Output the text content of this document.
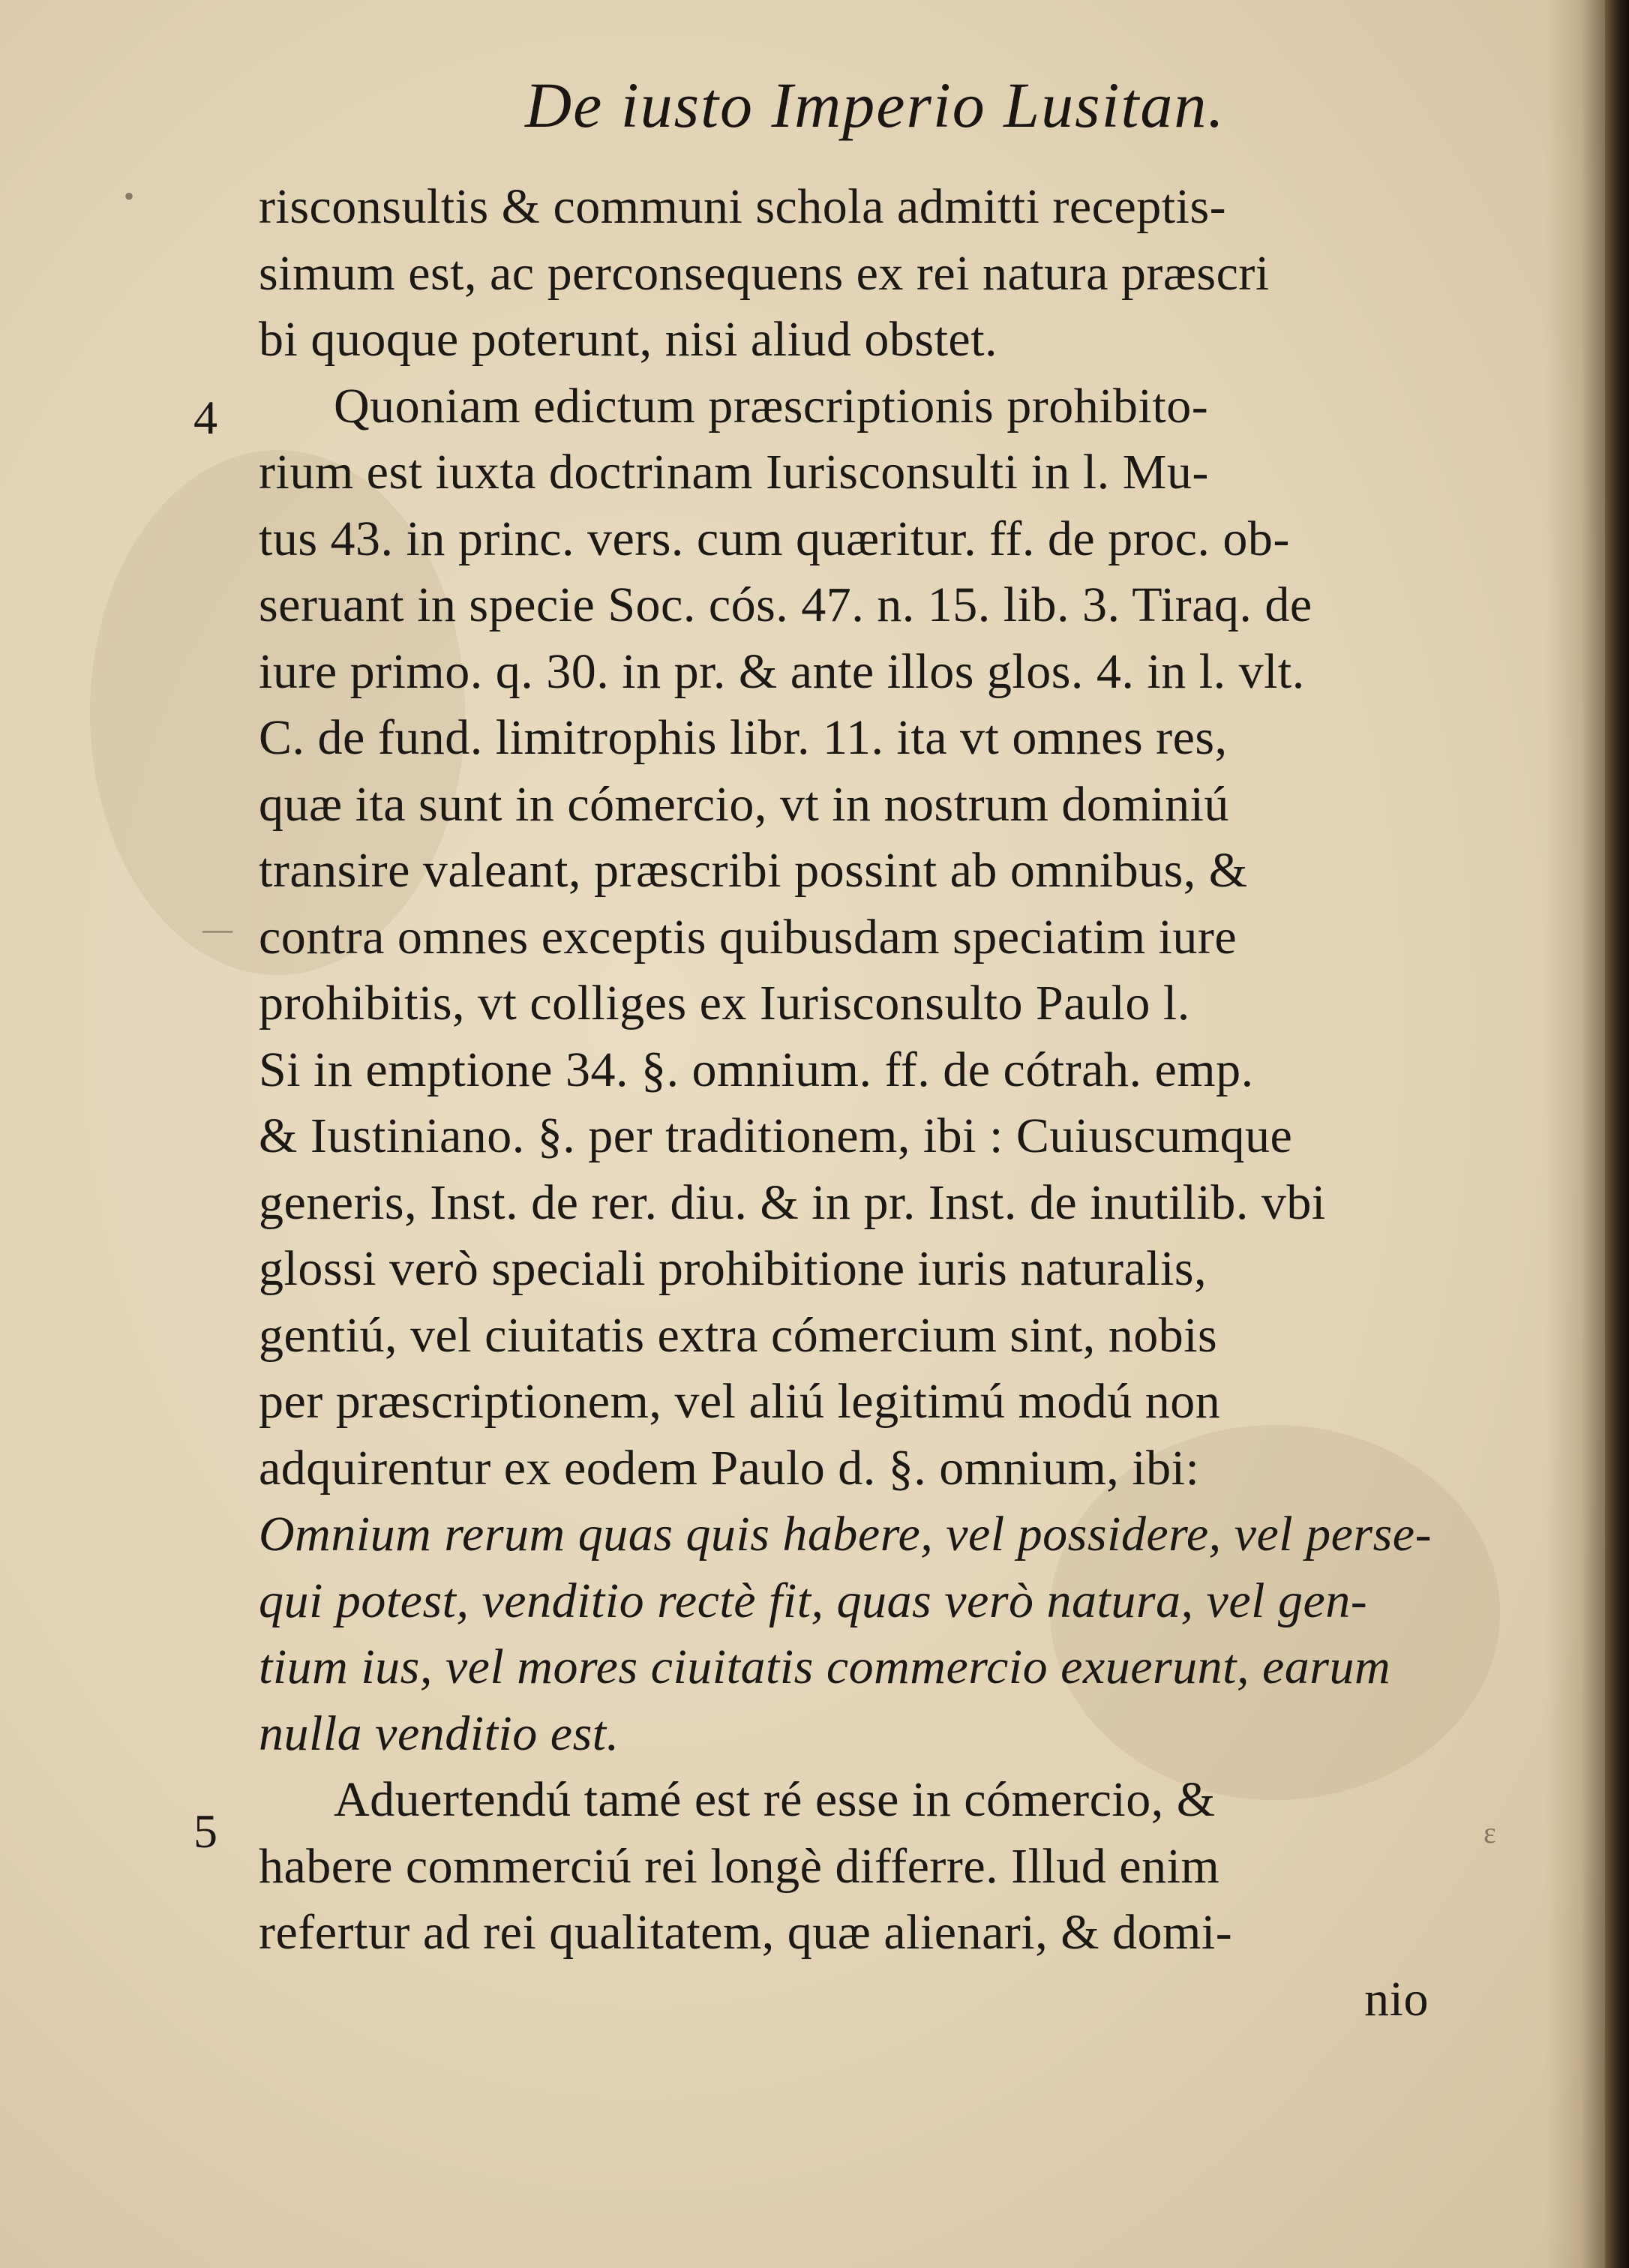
De iusto Imperio Lusitan.
4
5
•
—
ɛ
risconsultis & communi schola admitti receptis-
simum est, ac perconsequens ex rei natura præscri
bi quoque poterunt, nisi aliud obstet.
Quoniam edictum præscriptionis prohibito-
rium est iuxta doctrinam Iurisconsulti in l. Mu-
tus 43. in princ. vers. cum quæritur. ff. de proc. ob-
seruant in specie Soc. cós. 47. n. 15. lib. 3. Tiraq. de
iure primo. q. 30. in pr. & ante illos glos. 4. in l. vlt.
C. de fund. limitrophis libr. 11. ita vt omnes res,
quæ ita sunt in cómercio, vt in nostrum dominiú
transire valeant, præscribi possint ab omnibus, &
contra omnes exceptis quibusdam speciatim iure
prohibitis, vt colliges ex Iurisconsulto Paulo l.
Si in emptione 34. §. omnium. ff. de cótrah. emp.
& Iustiniano. §. per traditionem, ibi : Cuiuscumque
generis, Inst. de rer. diu. & in pr. Inst. de inutilib. vbi
glossi verò speciali prohibitione iuris naturalis,
gentiú, vel ciuitatis extra cómercium sint, nobis
per præscriptionem, vel aliú legitimú modú non
adquirentur ex eodem Paulo d. §. omnium, ibi:
Omnium rerum quas quis habere, vel possidere, vel perse-
qui potest, venditio rectè fit, quas verò natura, vel gen-
tium ius, vel mores ciuitatis commercio exuerunt, earum
nulla venditio est.
Aduertendú tamé est ré esse in cómercio, &
habere commerciú rei longè differre. Illud enim
refertur ad rei qualitatem, quæ alienari, & domi-
nio
